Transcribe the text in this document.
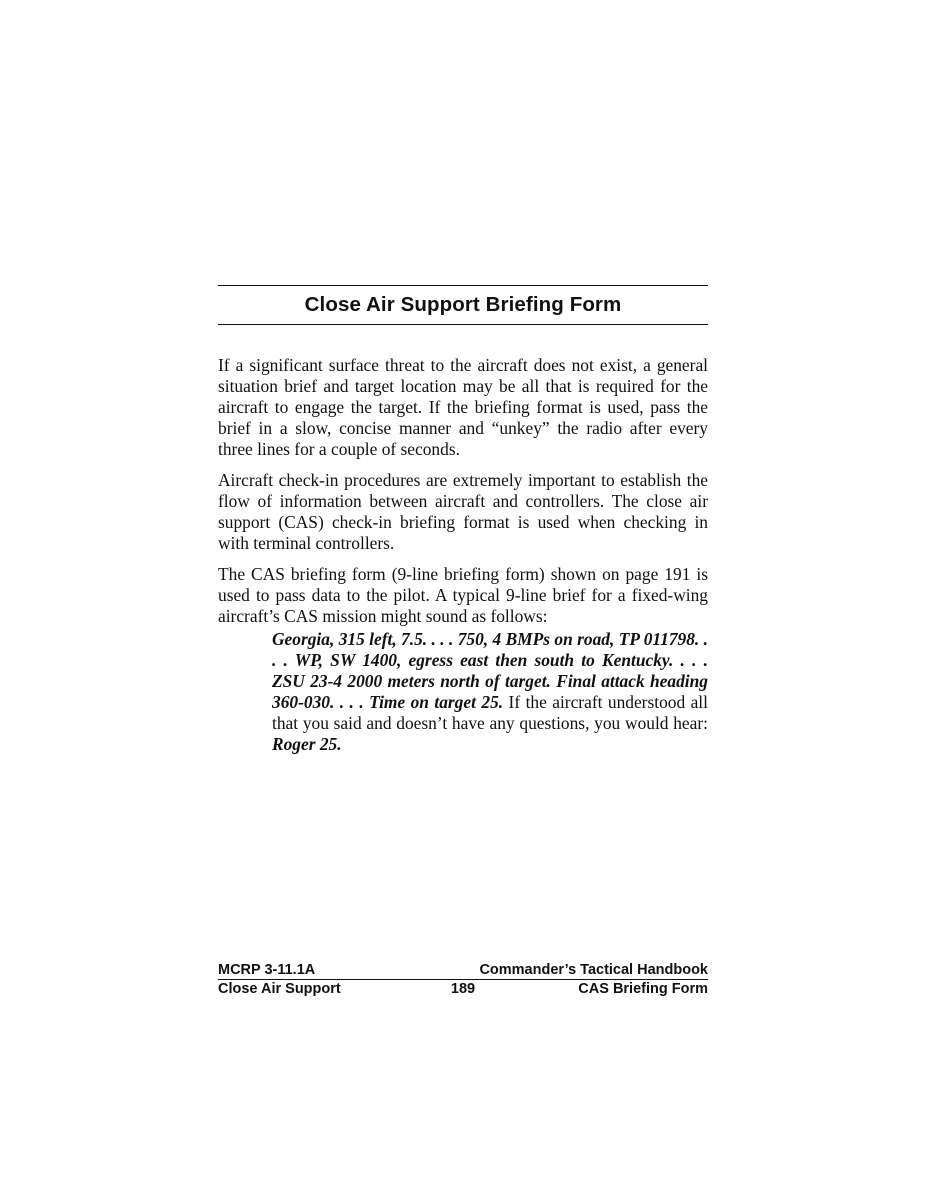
Close Air Support Briefing Form

If a significant surface threat to the aircraft does not exist, a general situation brief and target location may be all that is required for the aircraft to engage the target. If the briefing format is used, pass the brief in a slow, concise manner and “unkey” the radio after every three lines for a couple of seconds.

Aircraft check-in procedures are extremely important to establish the flow of information between aircraft and controllers. The close air support (CAS) check-in briefing format is used when checking in with terminal controllers.

The CAS briefing form (9-line briefing form) shown on page 191 is used to pass data to the pilot. A typical 9-line brief for a fixed-wing aircraft’s CAS mission might sound as follows:

Georgia, 315 left, 7.5. . . . 750, 4 BMPs on road, TP 011798. . . . WP, SW 1400, egress east then south to Kentucky. . . . ZSU 23-4 2000 meters north of target. Final attack heading 360-030. . . . Time on target 25. If the aircraft understood all that you said and doesn’t have any questions, you would hear: Roger 25.

MCRP 3-11.1A	Commander’s Tactical Handbook
Close Air Support	189	CAS Briefing Form
